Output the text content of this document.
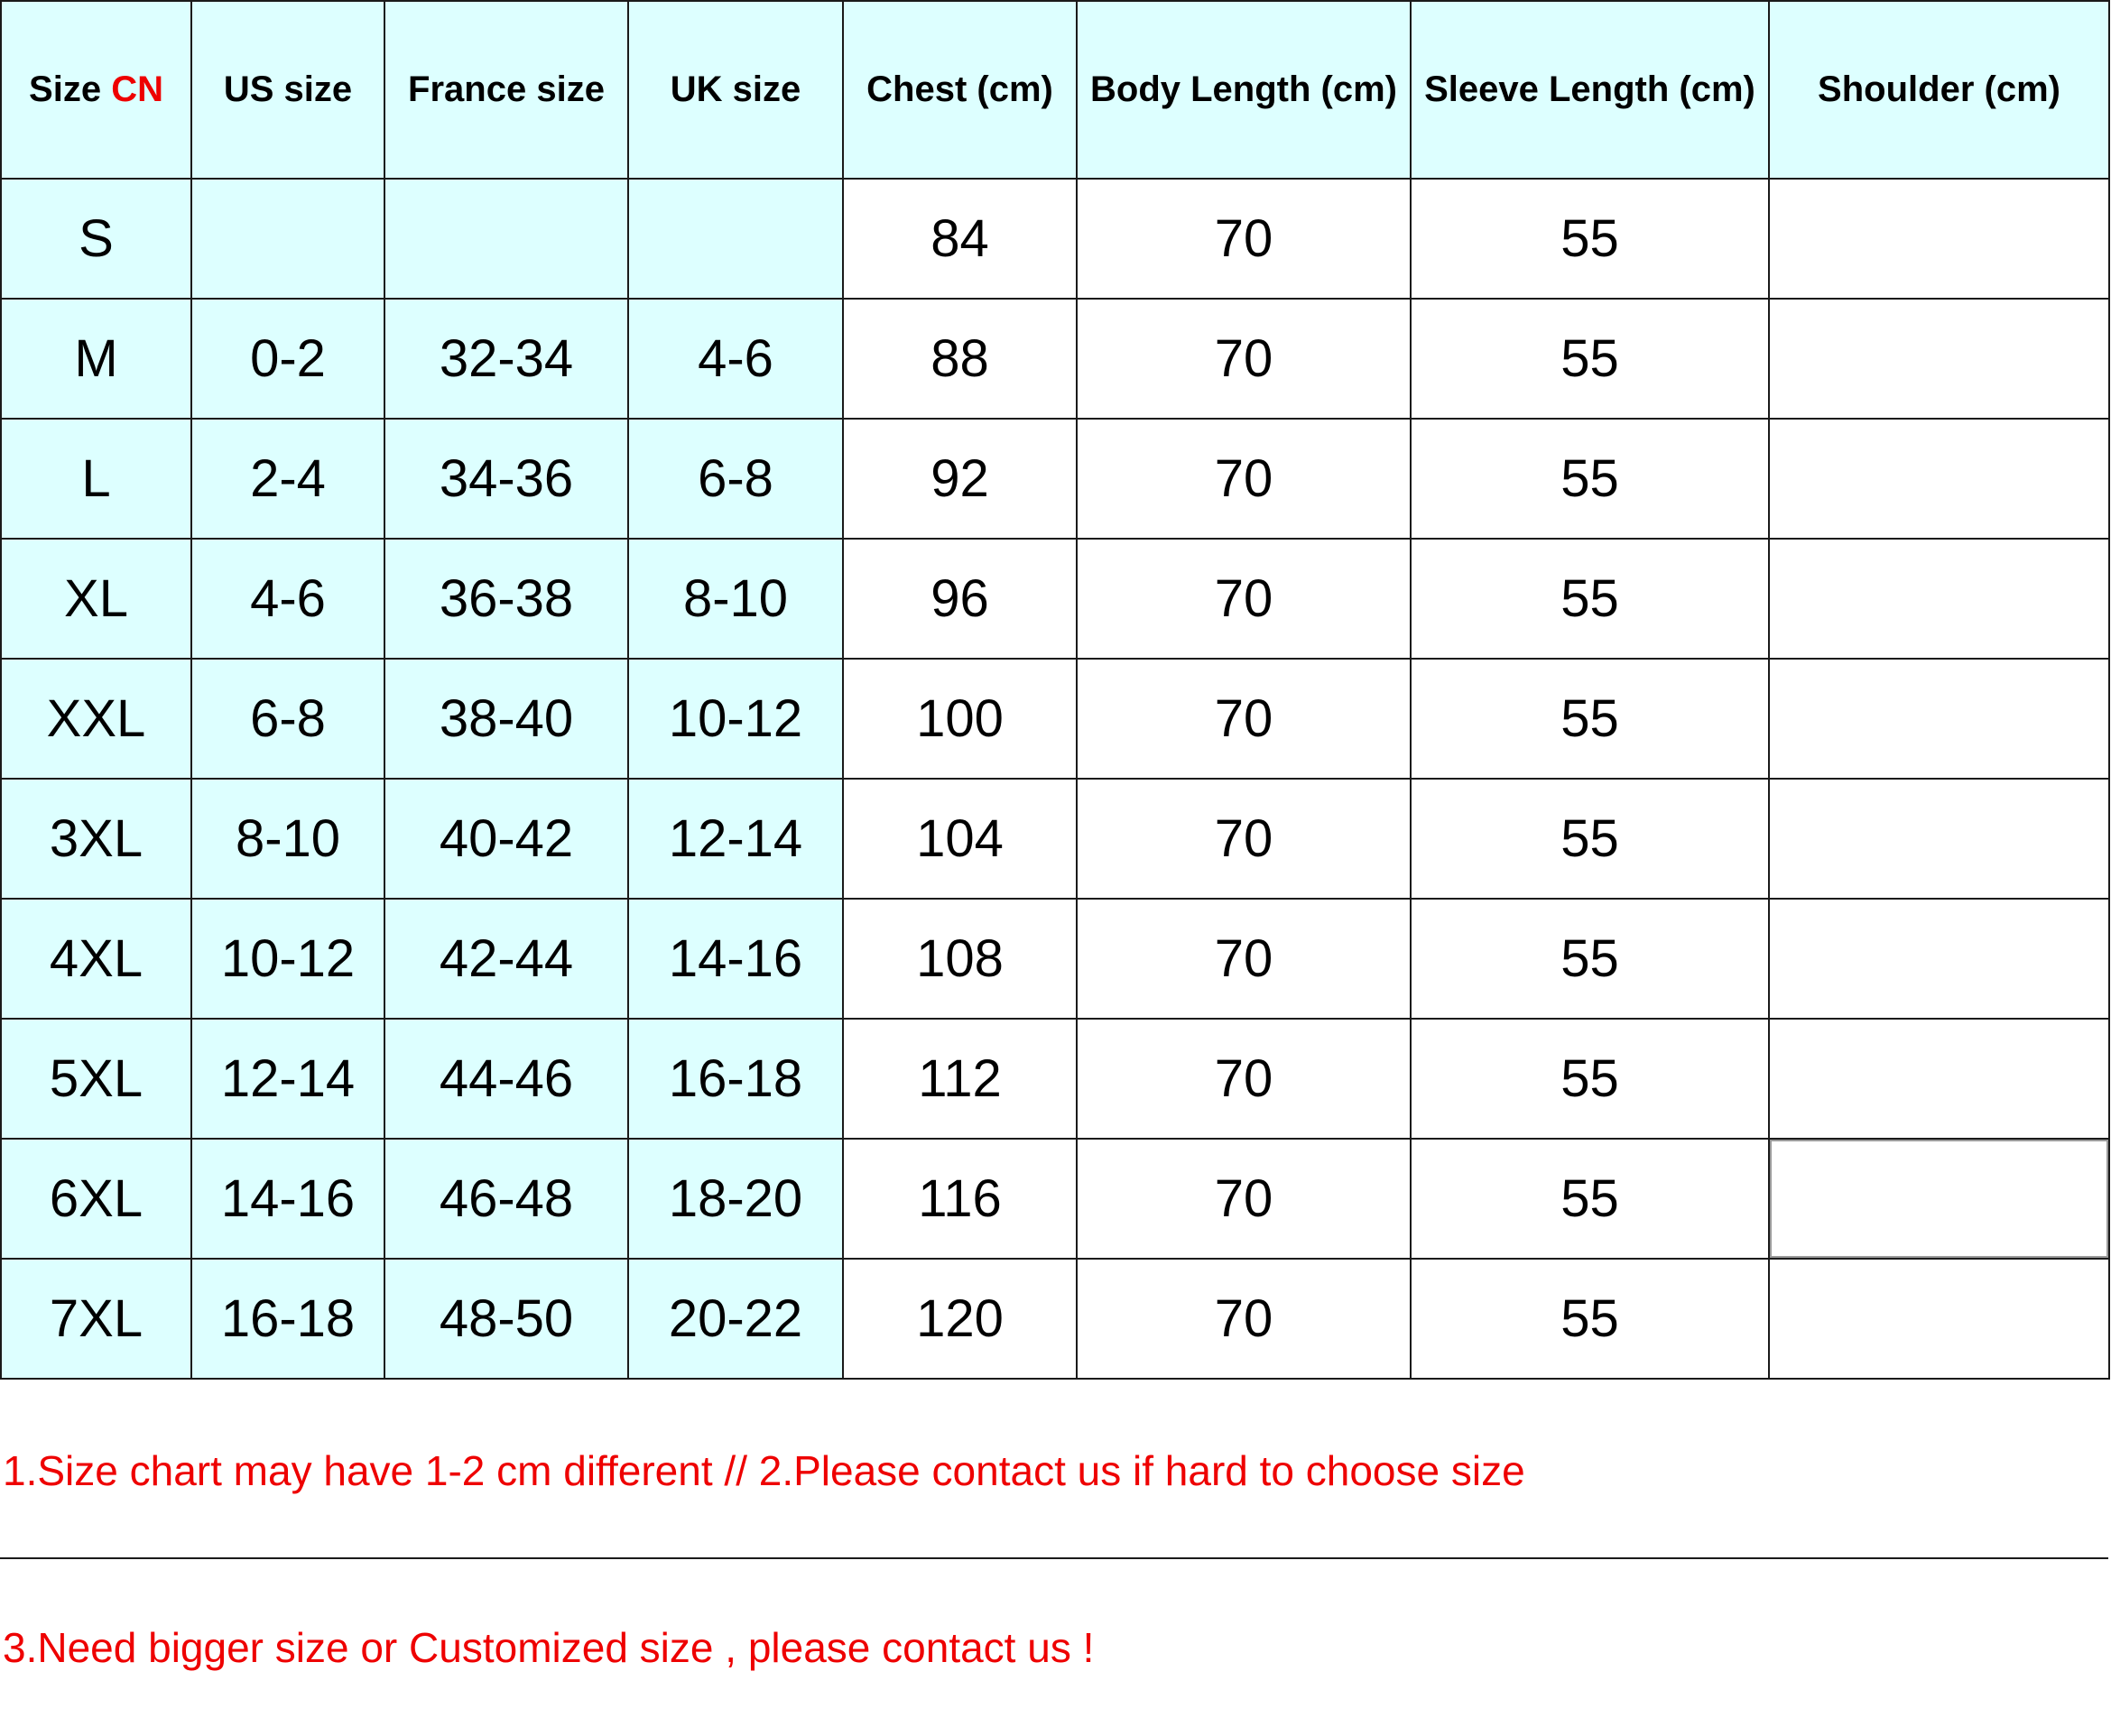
Size CN	US size	France size	UK size	Chest (cm)	Body Length (cm)	Sleeve Length (cm)	Shoulder (cm)
S				84	70	55	
M	0-2	32-34	4-6	88	70	55	
L	2-4	34-36	6-8	92	70	55	
XL	4-6	36-38	8-10	96	70	55	
XXL	6-8	38-40	10-12	100	70	55	
3XL	8-10	40-42	12-14	104	70	55	
4XL	10-12	42-44	14-16	108	70	55	
5XL	12-14	44-46	16-18	112	70	55	
6XL	14-16	46-48	18-20	116	70	55	
7XL	16-18	48-50	20-22	120	70	55	
1.Size chart may have 1-2 cm different // 2.Please contact us if hard to choose size
3.Need bigger size or Customized size , please contact us !
